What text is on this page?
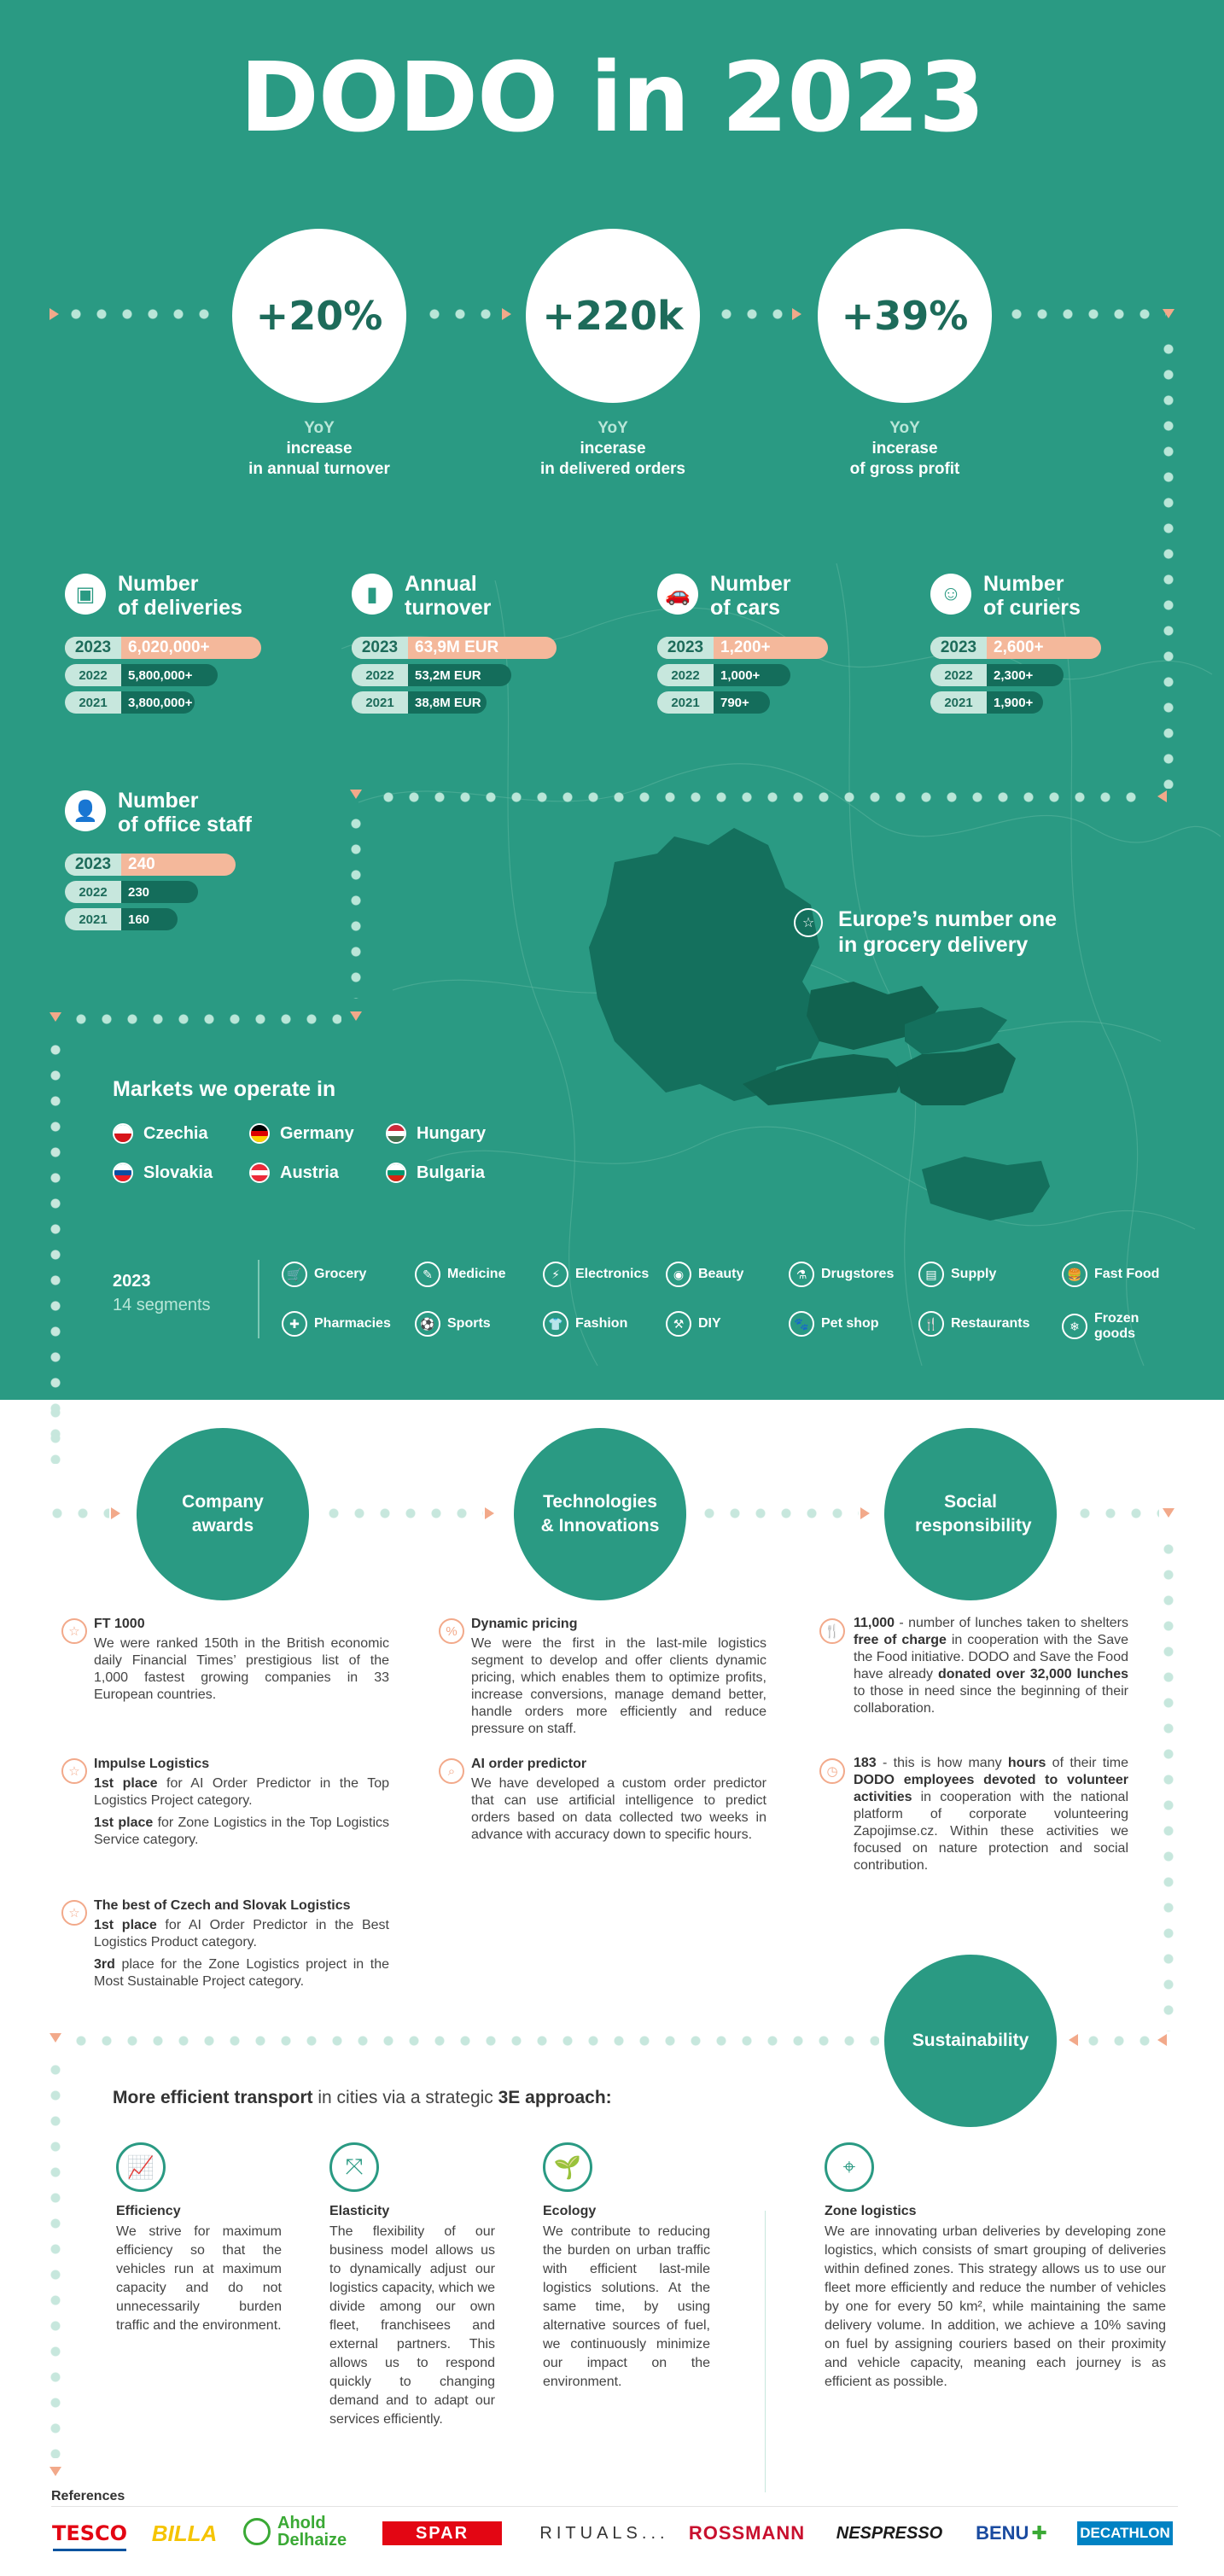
DODO in 2023
+20%	+220k	+39%
YoY
increase
in annual turnover
YoY
incerase
in delivered orders
YoY
incerase
of gross profit
▣	Number
of deliveries
2023	6,020,000+
2022	5,800,000+
2021	3,800,000+
▮	Annual
turnover
2023	63,9M EUR
2022	53,2M EUR
2021	38,8M EUR
🚗 Number
of cars
2023	1,200+
2022	1,000+
2021	790+
☺	Number
of curiers
2023	2,600+
2022	2,300+
2021	1,900+
👤 Number
of office staff
2023	240
2022	230
2021	160	☆	Europe’s number one
in grocery delivery
Markets we operate in
Czechia	Germany	Hungary
Slovakia	Austria	Bulgaria
2023
14 segments
🛒 Grocery	✎	Medicine	⚡	Electronics	◉	Beauty	⚗	Drugstores	▤	Supply	🍔 Fast Food
✚	Pharmacies	⚽ Sports	👕 Fashion	⚒	DIY	🐾 Pet shop	🍴 Restaurants	❄
Frozen goods
Company awards
Technologies & Innovations
Social responsibility
☆
FT 1000
We were ranked 150th in the British economic daily Financial Times’ prestigious list of the 1,000 fastest growing companies in 33 European countries.
☆
Impulse Logistics
1st place for AI Order Predictor in the Top Logistics Project category.
1st place for Zone Logistics in the Top Logistics Service category.
☆
The best of Czech and Slovak Logistics
1st place for AI Order Predictor in the Best Logistics Product category.
3rd place for the Zone Logistics project in the Most Sustainable Project category.
%	Dynamic pricing
We were the first in the last-mile logistics segment to develop and offer clients dynamic pricing, which enables them to optimize profits, increase conversions, manage demand better, handle orders more efficiently and reduce pressure on staff.
⌕	AI order predictor
We have developed a custom order predictor that can use artificial intelligence to predict orders based on data collected two weeks in advance with accuracy down to specific hours.
🍴
11,000 - number of lunches taken to shelters free of charge in cooperation with the Save the Food initiative. DODO and Save the Food have already donated over 32,000 lunches to those in need since the beginning of their collaboration.
◷
183 - this is how many hours of their time DODO employees devoted to volunteer activities in cooperation with the national platform of corporate volunteering Zapojimse.cz. Within these activities we focused on nature protection and social contribution.
Sustainability
More efficient transport in cities via a strategic 3E approach:
📈
Efficiency
We strive for maximum efficiency so that the vehicles run at maximum capacity and do not unnecessarily burden traffic and the environment.
⤧
Elasticity
The flexibility of our business model allows us to dynamically adjust our logistics capacity, which we divide among our own fleet, franchisees and external partners. This allows us to respond quickly to changing demand and to adapt our services efficiently.
🌱
Ecology
We contribute to reducing the burden on urban traffic with efficient last-mile logistics solutions. At the same time, by using alternative sources of fuel, we continuously minimize our impact on the environment.
⌖
Zone logistics
We are innovating urban deliveries by developing zone logistics, which consists of smart grouping of deliveries within defined zones. This strategy allows us to use our fleet more efficiently and reduce the number of vehicles by one for every 50 km², while maintaining the same delivery volume. In addition, we achieve a 10% saving on fuel by assigning couriers based on their proximity and vehicle capacity, meaning each journey is as efficient as possible.
References
TESCO BILLA	Ahold Delhaize	SPAR	RITUALS... ROSSMANN NESPRESSO BENU ✚ DECATHLON
